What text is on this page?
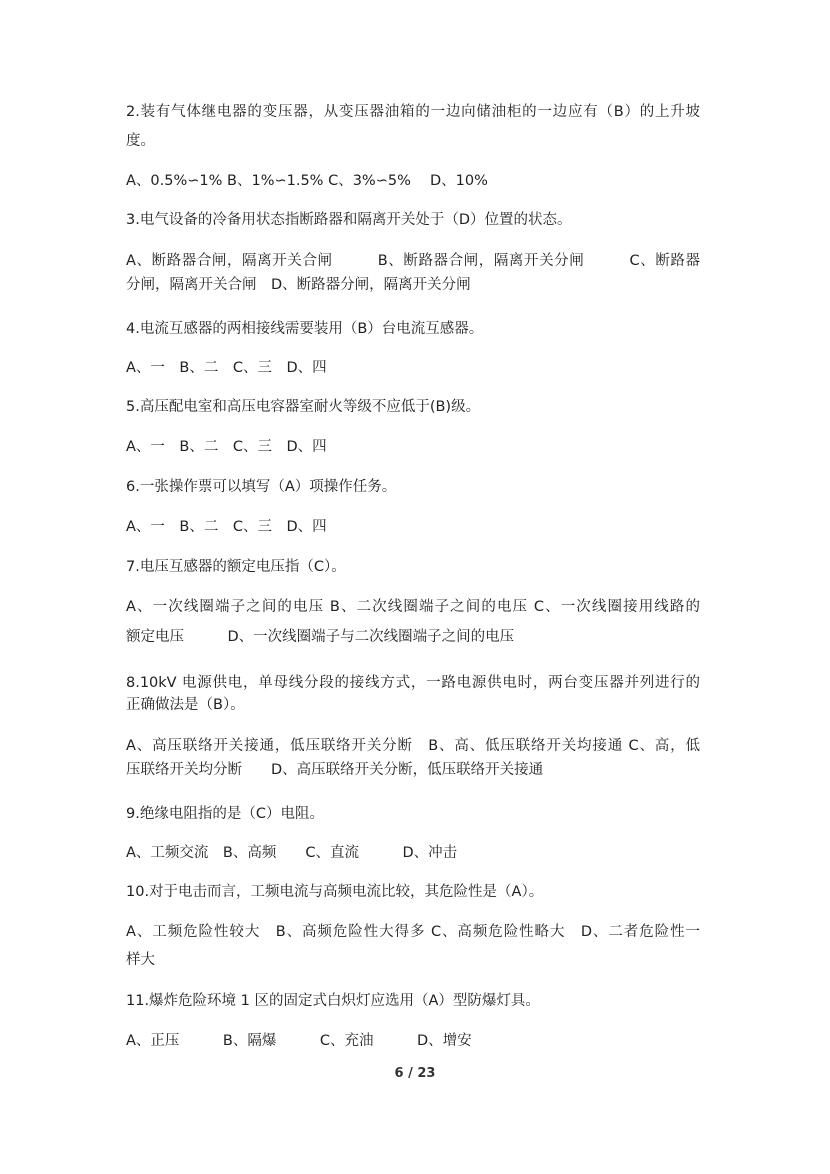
2.装有气体继电器的变压器，从变压器油箱的一边向储油柜的一边应有（B）的上升坡
度。
A、0.5%∽1% B、1%∽1.5% C、3%∽5%　 D、10%
3.电气设备的冷备用状态指断路器和隔离开关处于（D）位置的状态。
A、断路器合闸，隔离开关合闸　　　B、断路器合闸，隔离开关分闸　　　C、断路器
分闸，隔离开关合闸　D、断路器分闸，隔离开关分闸
4.电流互感器的两相接线需要装用（B）台电流互感器。
A、一　B、二　C、三　D、四
5.高压配电室和高压电容器室耐火等级不应低于(B)级。
A、一　B、二　C、三　D、四
6.一张操作票可以填写（A）项操作任务。
A、一　B、二　C、三　D、四
7.电压互感器的额定电压指（C）。
A、一次线圈端子之间的电压 B、二次线圈端子之间的电压 C、一次线圈接用线路的
额定电压　　　D、一次线圈端子与二次线圈端子之间的电压
8.10kV 电源供电，单母线分段的接线方式，一路电源供电时，两台变压器并列进行的
正确做法是（B）。
A、高压联络开关接通，低压联络开关分断　B、高、低压联络开关均接通 C、高，低
压联络开关均分断　　D、高压联络开关分断，低压联络开关接通
9.绝缘电阻指的是（C）电阻。
A、工频交流　B、高频　　C、直流　　　D、冲击
10.对于电击而言，工频电流与高频电流比较，其危险性是（A）。
A、工频危险性较大　B、高频危险性大得多 C、高频危险性略大　D、二者危险性一
样大
11.爆炸危险环境 1 区的固定式白炽灯应选用（A）型防爆灯具。
A、正压　　　B、隔爆　　　C、充油　　　D、增安
6 / 23
